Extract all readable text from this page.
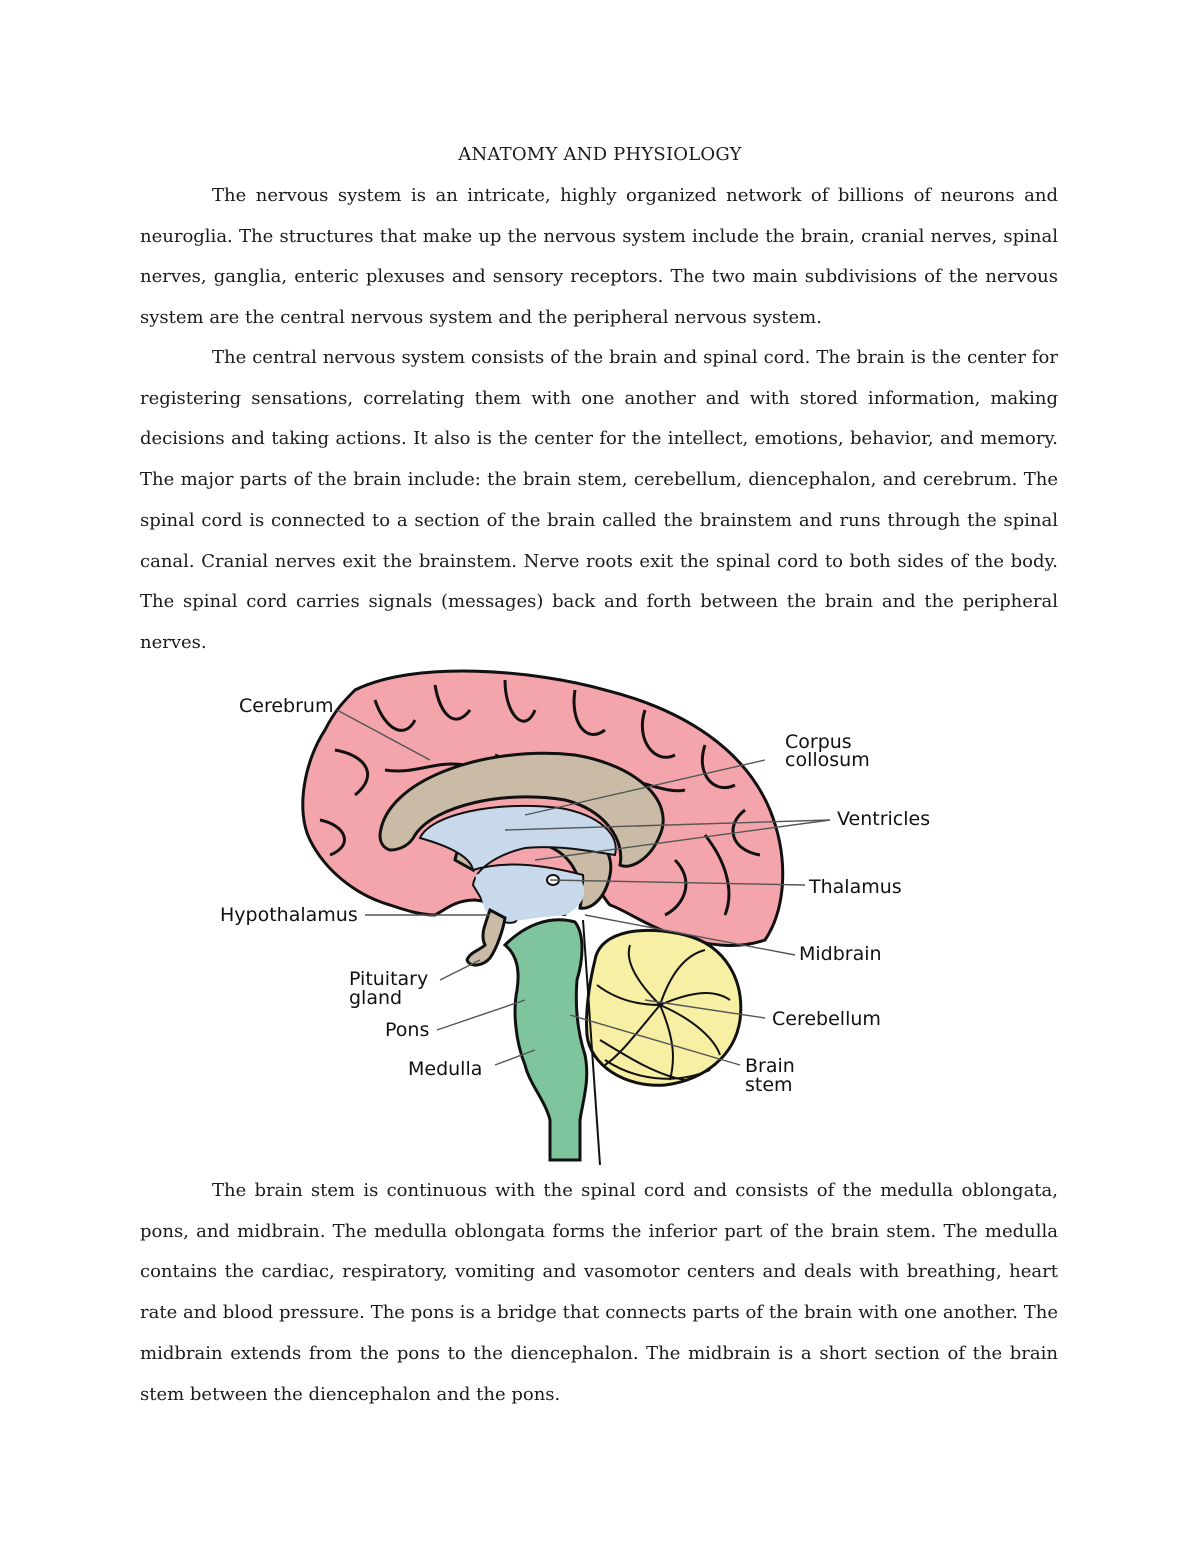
ANATOMY AND PHYSIOLOGY

The nervous system is an intricate, highly organized network of billions of neurons and neuroglia. The structures that make up the nervous system include the brain, cranial nerves, spinal nerves, ganglia, enteric plexuses and sensory receptors. The two main subdivisions of the nervous system are the central nervous system and the peripheral nervous system.

The central nervous system consists of the brain and spinal cord. The brain is the center for registering sensations, correlating them with one another and with stored information, making decisions and taking actions. It also is the center for the intellect, emotions, behavior, and memory. The major parts of the brain include: the brain stem, cerebellum, diencephalon, and cerebrum. The spinal cord is connected to a section of the brain called the brainstem and runs through the spinal canal. Cranial nerves exit the brainstem. Nerve roots exit the spinal cord to both sides of the body. The spinal cord carries signals (messages) back and forth between the brain and the peripheral nerves.

Cerebrum
Corpus
collosum
Ventricles
Thalamus
Hypothalamus
Midbrain
Pituitary
gland
Cerebellum
Pons
Medulla	Brain
stem

The brain stem is continuous with the spinal cord and consists of the medulla oblongata, pons, and midbrain. The medulla oblongata forms the inferior part of the brain stem. The medulla contains the cardiac, respiratory, vomiting and vasomotor centers and deals with breathing, heart rate and blood pressure. The pons is a bridge that connects parts of the brain with one another. The midbrain extends from the pons to the diencephalon. The midbrain is a short section of the brain stem between the diencephalon and the pons.
